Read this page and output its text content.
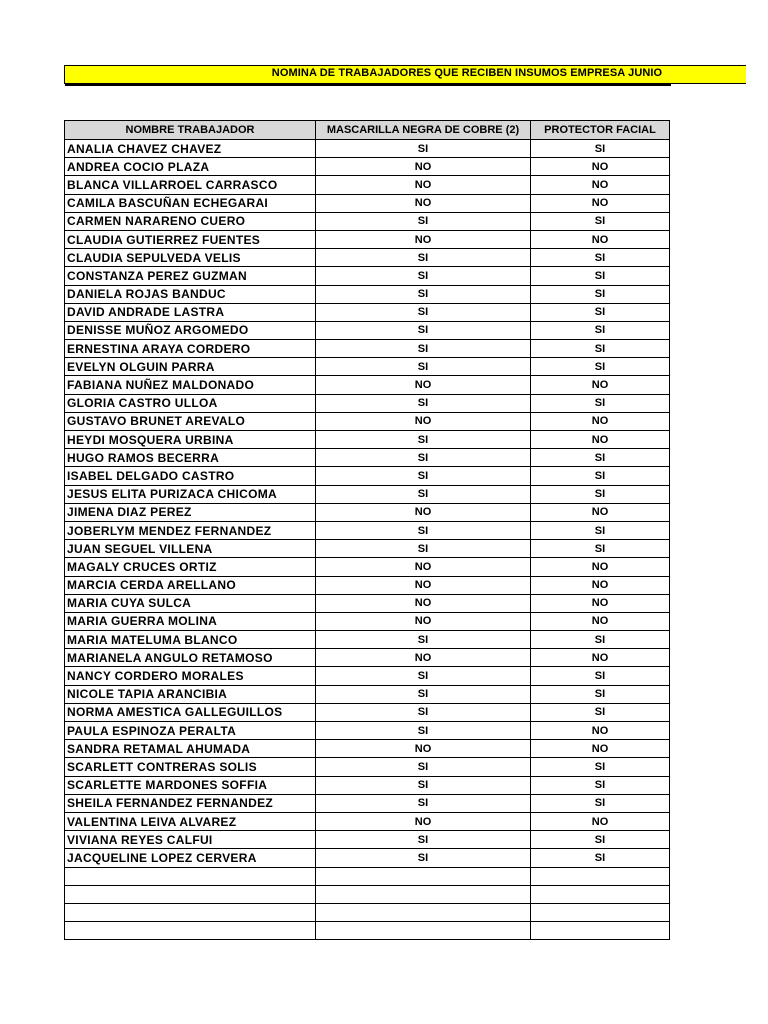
NOMINA DE TRABAJADORES QUE RECIBEN INSUMOS EMPRESA JUNIO
NOMBRE TRABAJADOR	MASCARILLA NEGRA DE COBRE (2)	PROTECTOR FACIAL
ANALIA CHAVEZ CHAVEZ	SI	SI
ANDREA COCIO PLAZA	NO	NO
BLANCA VILLARROEL CARRASCO	NO	NO
CAMILA BASCUÑAN ECHEGARAI	NO	NO
CARMEN NARARENO CUERO	SI	SI
CLAUDIA GUTIERREZ FUENTES	NO	NO
CLAUDIA SEPULVEDA VELIS	SI	SI
CONSTANZA PEREZ GUZMAN	SI	SI
DANIELA ROJAS BANDUC	SI	SI
DAVID ANDRADE LASTRA	SI	SI
DENISSE MUÑOZ ARGOMEDO	SI	SI
ERNESTINA ARAYA CORDERO	SI	SI
EVELYN OLGUIN PARRA	SI	SI
FABIANA NUÑEZ MALDONADO	NO	NO
GLORIA CASTRO ULLOA	SI	SI
GUSTAVO BRUNET AREVALO	NO	NO
HEYDI MOSQUERA URBINA	SI	NO
HUGO RAMOS BECERRA	SI	SI
ISABEL DELGADO CASTRO	SI	SI
JESUS ELITA PURIZACA CHICOMA	SI	SI
JIMENA DIAZ PEREZ	NO	NO
JOBERLYM MENDEZ FERNANDEZ	SI	SI
JUAN SEGUEL VILLENA	SI	SI
MAGALY CRUCES ORTIZ	NO	NO
MARCIA CERDA ARELLANO	NO	NO
MARIA CUYA SULCA	NO	NO
MARIA GUERRA MOLINA	NO	NO
MARIA MATELUMA BLANCO	SI	SI
MARIANELA ANGULO RETAMOSO	NO	NO
NANCY CORDERO MORALES	SI	SI
NICOLE TAPIA ARANCIBIA	SI	SI
NORMA AMESTICA GALLEGUILLOS	SI	SI
PAULA ESPINOZA PERALTA	SI	NO
SANDRA RETAMAL AHUMADA	NO	NO
SCARLETT CONTRERAS SOLIS	SI	SI
SCARLETTE MARDONES SOFFIA	SI	SI
SHEILA FERNANDEZ FERNANDEZ	SI	SI
VALENTINA LEIVA ALVAREZ	NO	NO
VIVIANA REYES CALFUI	SI	SI
JACQUELINE LOPEZ CERVERA	SI	SI
